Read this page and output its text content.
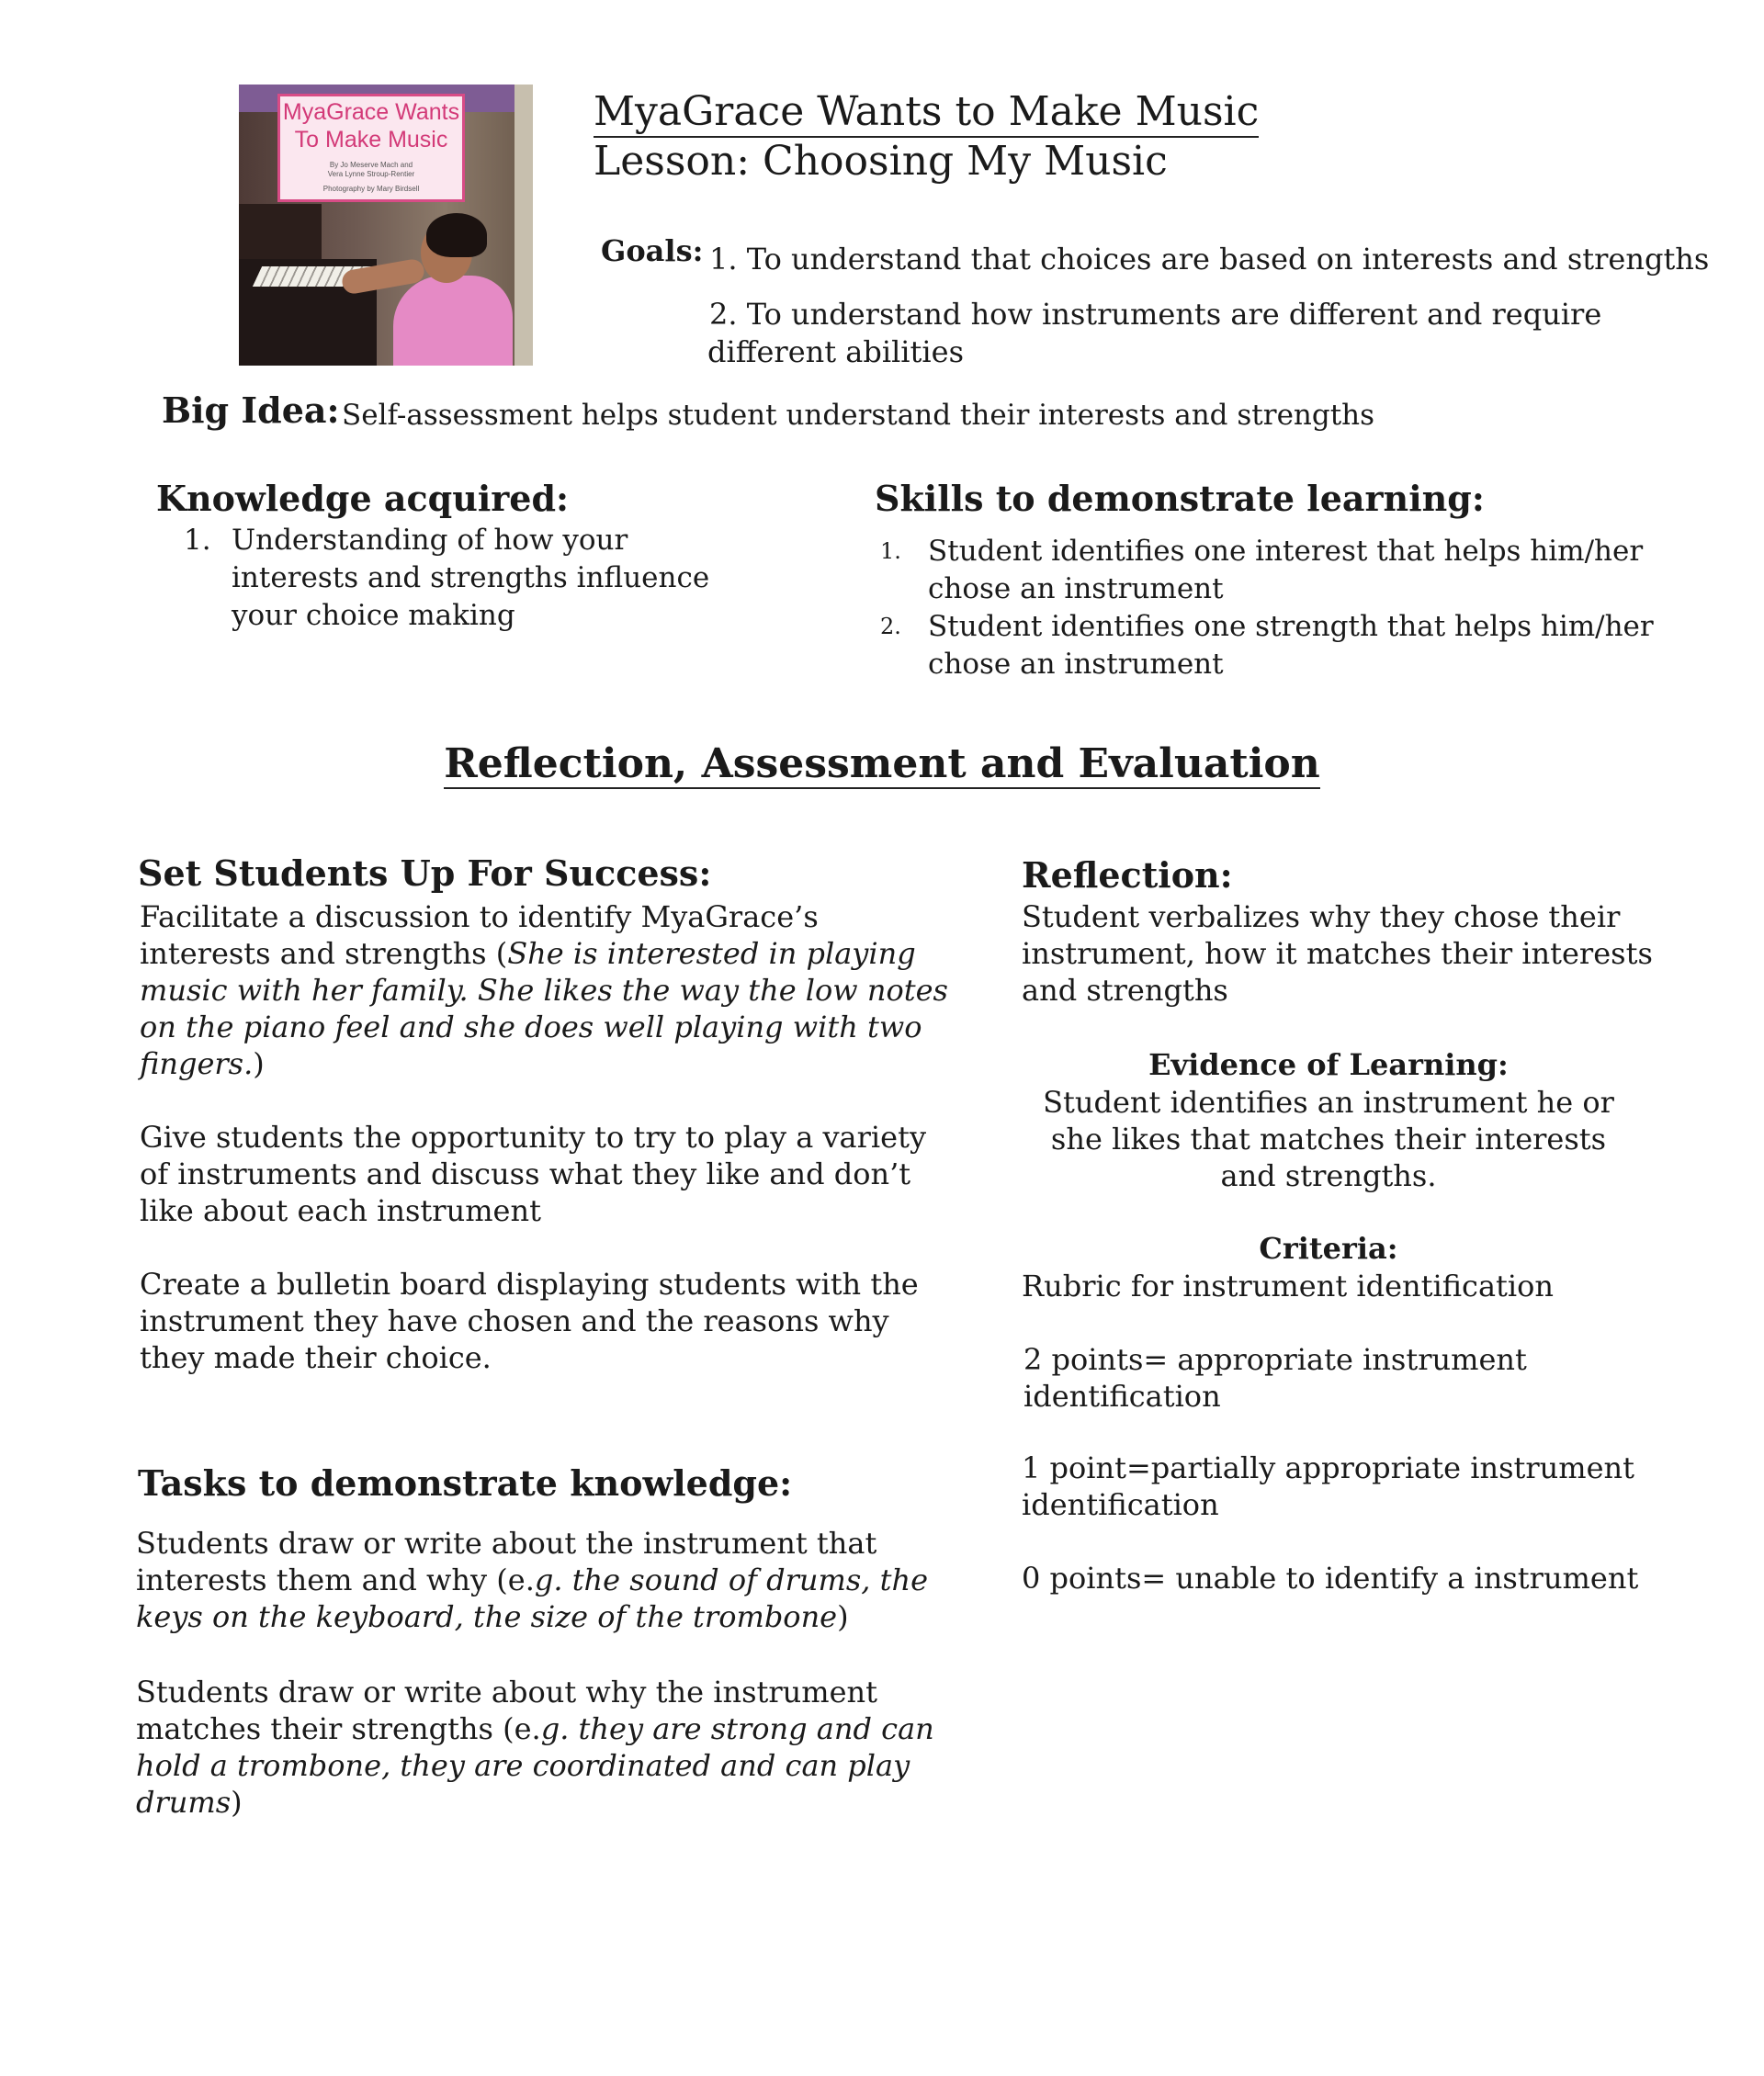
MyaGrace Wants
To Make Music
By Jo Meserve Mach and
Vera Lynne Stroup-Rentier
Photography by Mary Birdsell
MyaGrace Wants to Make Music
Lesson: Choosing My Music
Goals: 1. To understand that choices are based on interests and strengths
2. To understand how instruments are different and require different abilities
Big Idea: Self-assessment helps student understand their interests and strengths
Knowledge acquired:
1. Understanding of how your interests and strengths influence your choice making
Skills to demonstrate learning:
1. Student identifies one interest that helps him/her chose an instrument
2. Student identifies one strength that helps him/her chose an instrument
Reflection, Assessment and Evaluation
Set Students Up For Success:
Facilitate a discussion to identify MyaGrace’s interests and strengths (She is interested in playing music with her family. She likes the way the low notes on the piano feel and she does well playing with two fingers.)
Give students the opportunity to try to play a variety of instruments and discuss what they like and don’t like about each instrument
Create a bulletin board displaying students with the instrument they have chosen and the reasons why they made their choice.
Tasks to demonstrate knowledge:
Students draw or write about the instrument that interests them and why (e.g. the sound of drums, the keys on the keyboard, the size of the trombone)
Students draw or write about why the instrument matches their strengths (e.g. they are strong and can hold a trombone, they are coordinated and can play drums)
Reflection:
Student verbalizes why they chose their instrument, how it matches their interests and strengths
Evidence of Learning:
Student identifies an instrument he or she likes that matches their interests and strengths.
Criteria:
Rubric for instrument identification
2 points= appropriate instrument identification
1 point=partially appropriate instrument identification
0 points= unable to identify a instrument
